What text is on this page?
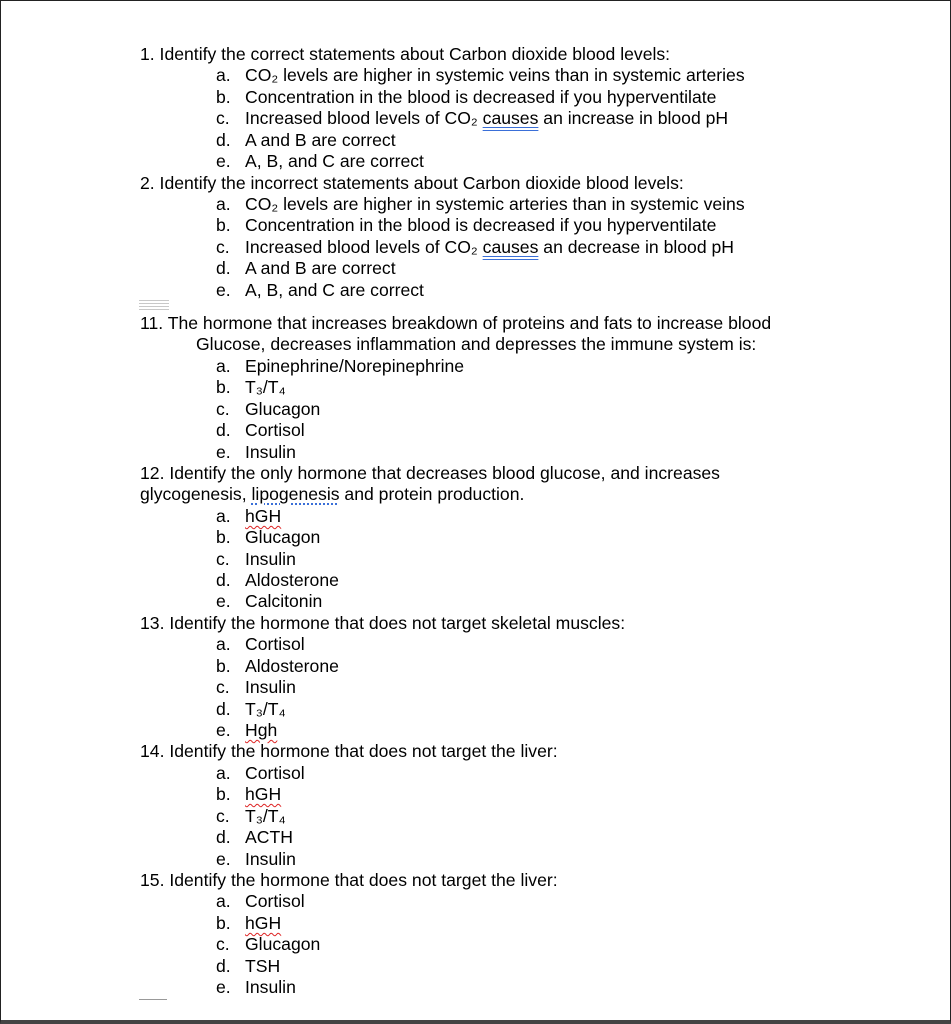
1. Identify the correct statements about Carbon dioxide blood levels:
a. CO₂ levels are higher in systemic veins than in systemic arteries
b. Concentration in the blood is decreased if you hyperventilate
c. Increased blood levels of CO₂ causes an increase in blood pH
d. A and B are correct
e. A, B, and C are correct
2. Identify the incorrect statements about Carbon dioxide blood levels:
a. CO₂ levels are higher in systemic arteries than in systemic veins
b. Concentration in the blood is decreased if you hyperventilate
c. Increased blood levels of CO₂ causes an decrease in blood pH
d. A and B are correct
e. A, B, and C are correct
11. The hormone that increases breakdown of proteins and fats to increase blood
Glucose, decreases inflammation and depresses the immune system is:
a. Epinephrine/Norepinephrine
b. T₃/T₄
c. Glucagon
d. Cortisol
e. Insulin
12. Identify the only hormone that decreases blood glucose, and increases
glycogenesis, lipogenesis and protein production.
a. hGH
b. Glucagon
c. Insulin
d. Aldosterone
e. Calcitonin
13. Identify the hormone that does not target skeletal muscles:
a. Cortisol
b. Aldosterone
c. Insulin
d. T₃/T₄
e. Hgh
14. Identify the hormone that does not target the liver:
a. Cortisol
b. hGH
c. T₃/T₄
d. ACTH
e. Insulin
15. Identify the hormone that does not target the liver:
a. Cortisol
b. hGH
c. Glucagon
d. TSH
e. Insulin
